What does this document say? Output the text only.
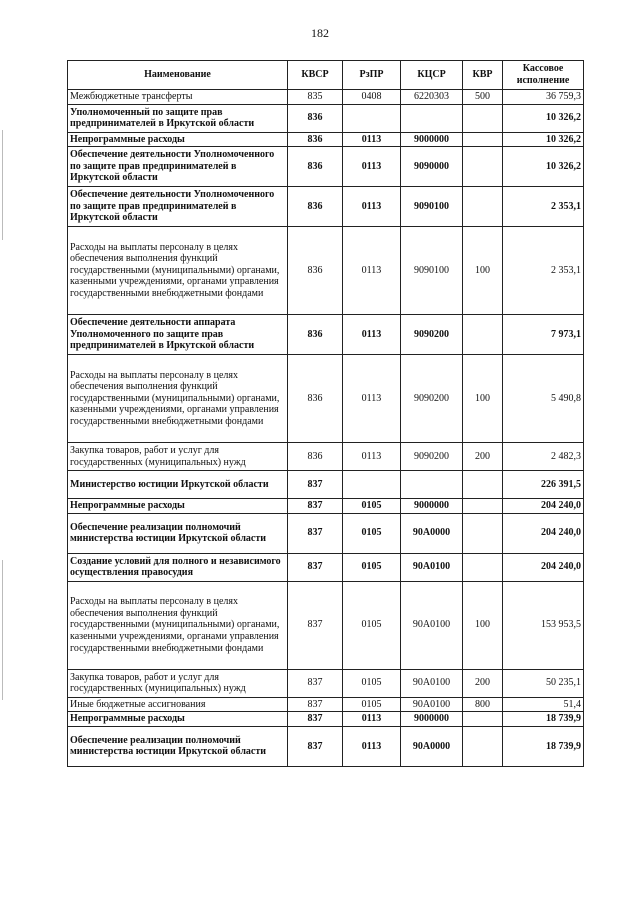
182
Наименование	КВСР	РзПР	КЦСР	КВР	Кассовое
исполнение
Межбюджетные трансферты	835	0408	6220303	500	36 759,3
Уполномоченный по защите прав предпринимателей в Иркутской области	836				10 326,2
Непрограммные расходы	836	0113	9000000		10 326,2
Обеспечение деятельности Уполномоченного по защите прав предпринимателей в Иркутской области	836	0113	9090000		10 326,2
Обеспечение деятельности Уполномоченного по защите прав предпринимателей в Иркутской области	836	0113	9090100		2 353,1
Расходы на выплаты персоналу в целях обеспечения выполнения функций государственными (муниципальными) органами, казенными учреждениями, органами управления государственными внебюджетными фондами	836	0113	9090100	100	2 353,1
Обеспечение деятельности аппарата Уполномоченного по защите прав предпринимателей в Иркутской области	836	0113	9090200		7 973,1
Расходы на выплаты персоналу в целях обеспечения выполнения функций государственными (муниципальными) органами, казенными учреждениями, органами управления государственными внебюджетными фондами	836	0113	9090200	100	5 490,8
Закупка товаров, работ и услуг для государственных (муниципальных) нужд	836	0113	9090200	200	2 482,3
Министерство юстиции Иркутской области	837				226 391,5
Непрограммные расходы	837	0105	9000000		204 240,0
Обеспечение реализации полномочий министерства юстиции Иркутской области	837	0105	90А0000		204 240,0
Создание условий для полного и независимого осуществления правосудия	837	0105	90А0100		204 240,0
Расходы на выплаты персоналу в целях обеспечения выполнения функций государственными (муниципальными) органами, казенными учреждениями, органами управления государственными внебюджетными фондами	837	0105	90А0100	100	153 953,5
Закупка товаров, работ и услуг для государственных (муниципальных) нужд	837	0105	90А0100	200	50 235,1
Иные бюджетные ассигнования	837	0105	90А0100	800	51,4
Непрограммные расходы	837	0113	9000000		18 739,9
Обеспечение реализации полномочий министерства юстиции Иркутской области	837	0113	90А0000		18 739,9
